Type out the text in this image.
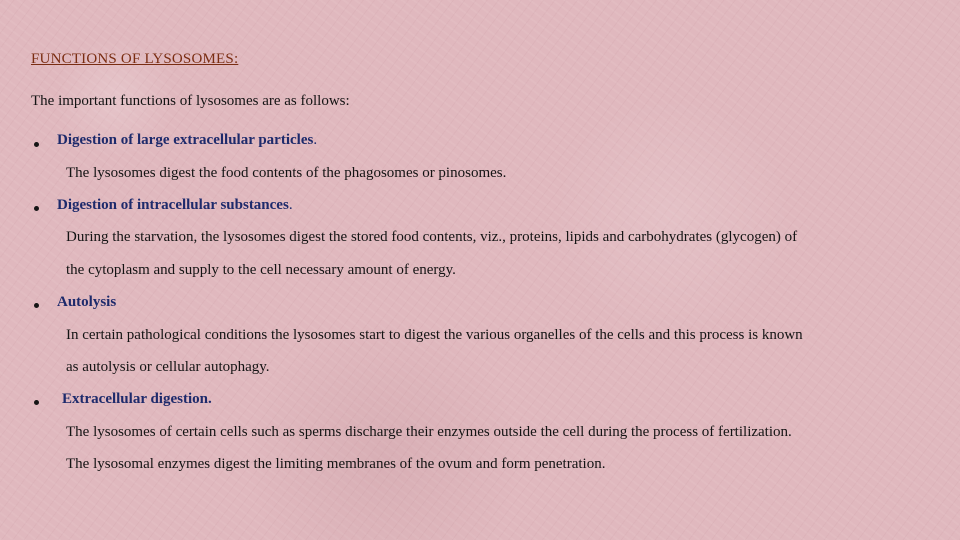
FUNCTIONS OF LYSOSOMES:
The important functions of lysosomes are as follows:
Digestion of large extracellular particles.
The lysosomes digest the food contents of the phagosomes or pinosomes.
Digestion of intracellular substances.
During the starvation, the lysosomes digest the stored food contents, viz., proteins, lipids and carbohydrates (glycogen) of
the cytoplasm and supply to the cell necessary amount of energy.
Autolysis
In certain pathological conditions the lysosomes start to digest the various organelles of the cells and this process is known
as autolysis or cellular autophagy.
Extracellular digestion.
The lysosomes of certain cells such as sperms discharge their enzymes outside the cell during the process of fertilization.
The lysosomal enzymes digest the limiting membranes of the ovum and form penetration.
